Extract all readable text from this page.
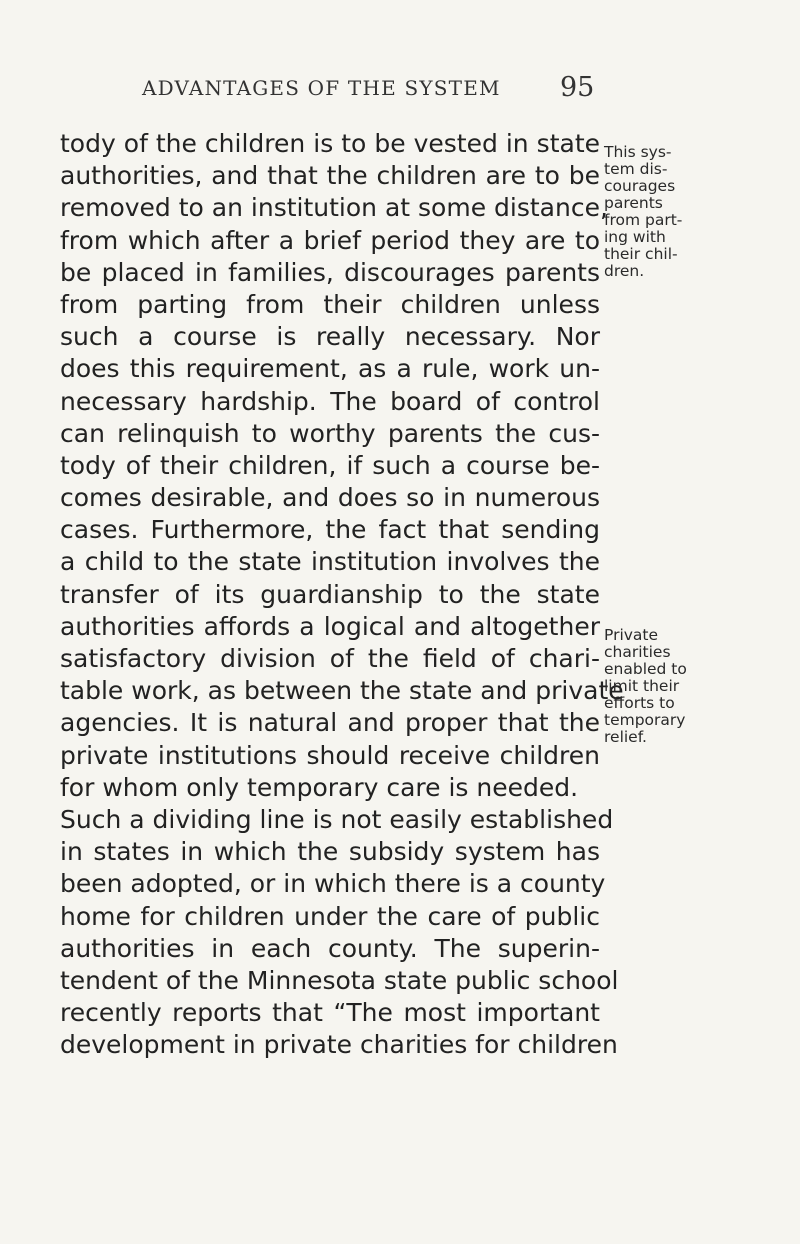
ADVANTAGES OF THE SYSTEM 95
tody of the children is to be vested in state
authorities, and that the children are to be
removed to an institution at some distance,
from which after a brief period they are to
be placed in families, discourages parents
from parting from their children unless
such a course is really necessary. Nor
does this requirement, as a rule, work un-
necessary hardship. The board of control
can relinquish to worthy parents the cus-
tody of their children, if such a course be-
comes desirable, and does so in numerous
cases. Furthermore, the fact that sending
a child to the state institution involves the
transfer of its guardianship to the state
authorities affords a logical and altogether
satisfactory division of the field of chari-
table work, as between the state and private
agencies. It is natural and proper that the
private institutions should receive children
for whom only temporary care is needed.
Such a dividing line is not easily established
in states in which the subsidy system has
been adopted, or in which there is a county
home for children under the care of public
authorities in each county. The superin-
tendent of the Minnesota state public school
recently reports that “The most important
development in private charities for children
This sys-
tem dis-
courages
parents
from part-
ing with
their chil-
dren.
Private
charities
enabled to
limit their
efforts to
temporary
relief.
